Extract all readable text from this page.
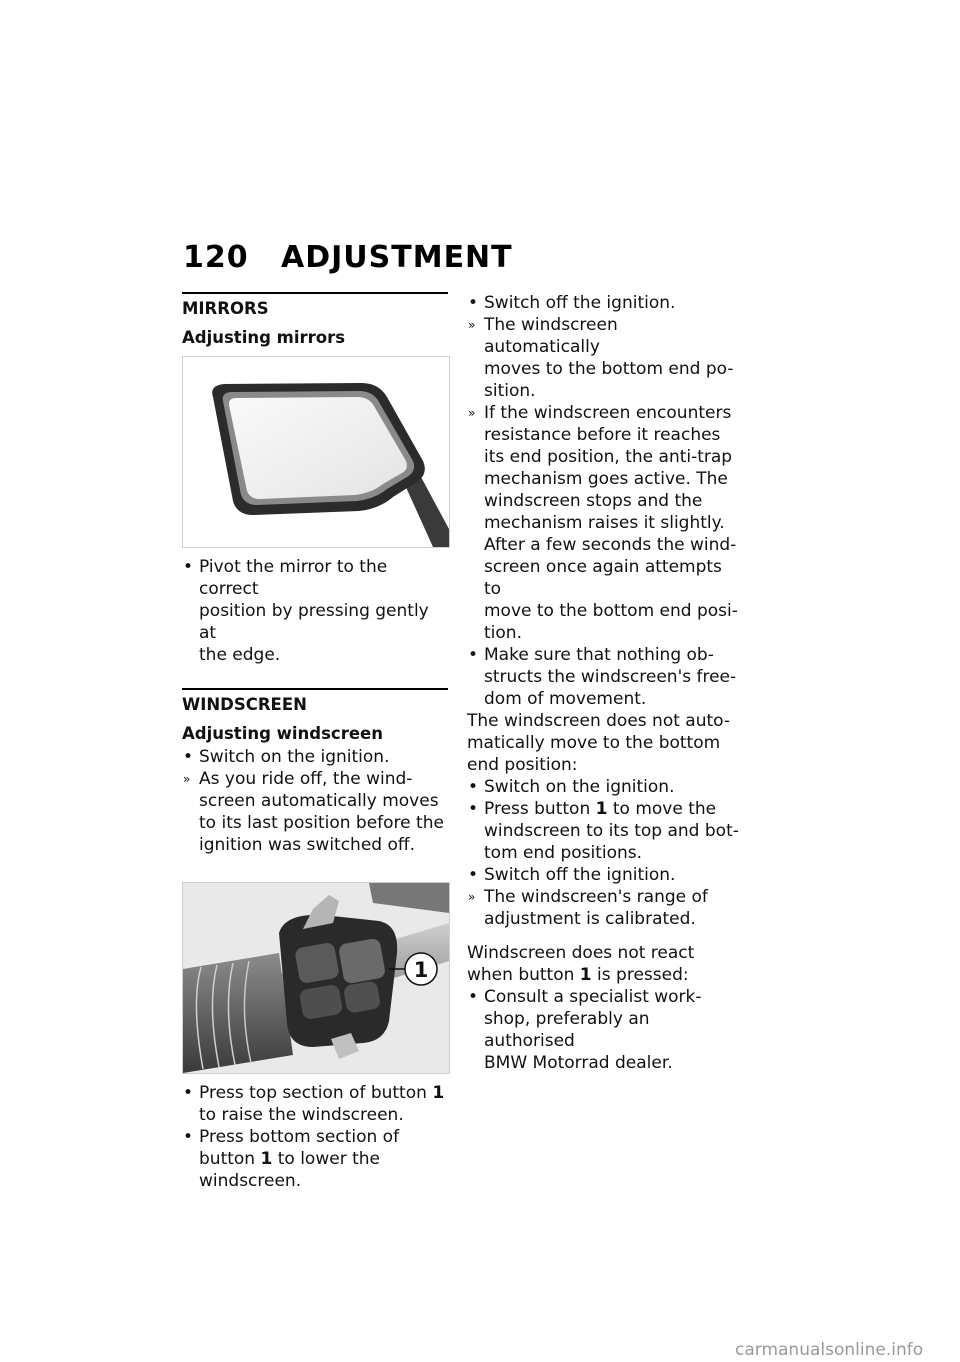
120 ADJUSTMENT
MIRRORS
Adjusting mirrors
• Pivot the mirror to the correct
position by pressing gently at
the edge.
WINDSCREEN
Adjusting windscreen
• Switch on the ignition.
» As you ride off, the wind-
screen automatically moves
to its last position before the
ignition was switched off.
1
• Press top section of button 1
to raise the windscreen.
• Press bottom section of
button 1 to lower the
windscreen.
• Switch off the ignition.
» The windscreen automatically
moves to the bottom end po-
sition.
» If the windscreen encounters
resistance before it reaches
its end position, the anti-trap
mechanism goes active. The
windscreen stops and the
mechanism raises it slightly.
After a few seconds the wind-
screen once again attempts to
move to the bottom end posi-
tion.
• Make sure that nothing ob-
structs the windscreen's free-
dom of movement.
The windscreen does not auto-
matically move to the bottom
end position:
• Switch on the ignition.
• Press button 1 to move the
windscreen to its top and bot-
tom end positions.
• Switch off the ignition.
» The windscreen's range of
adjustment is calibrated.
Windscreen does not react
when button 1 is pressed:
• Consult a specialist work-
shop, preferably an authorised
BMW Motorrad dealer.
carmanualsonline.info
